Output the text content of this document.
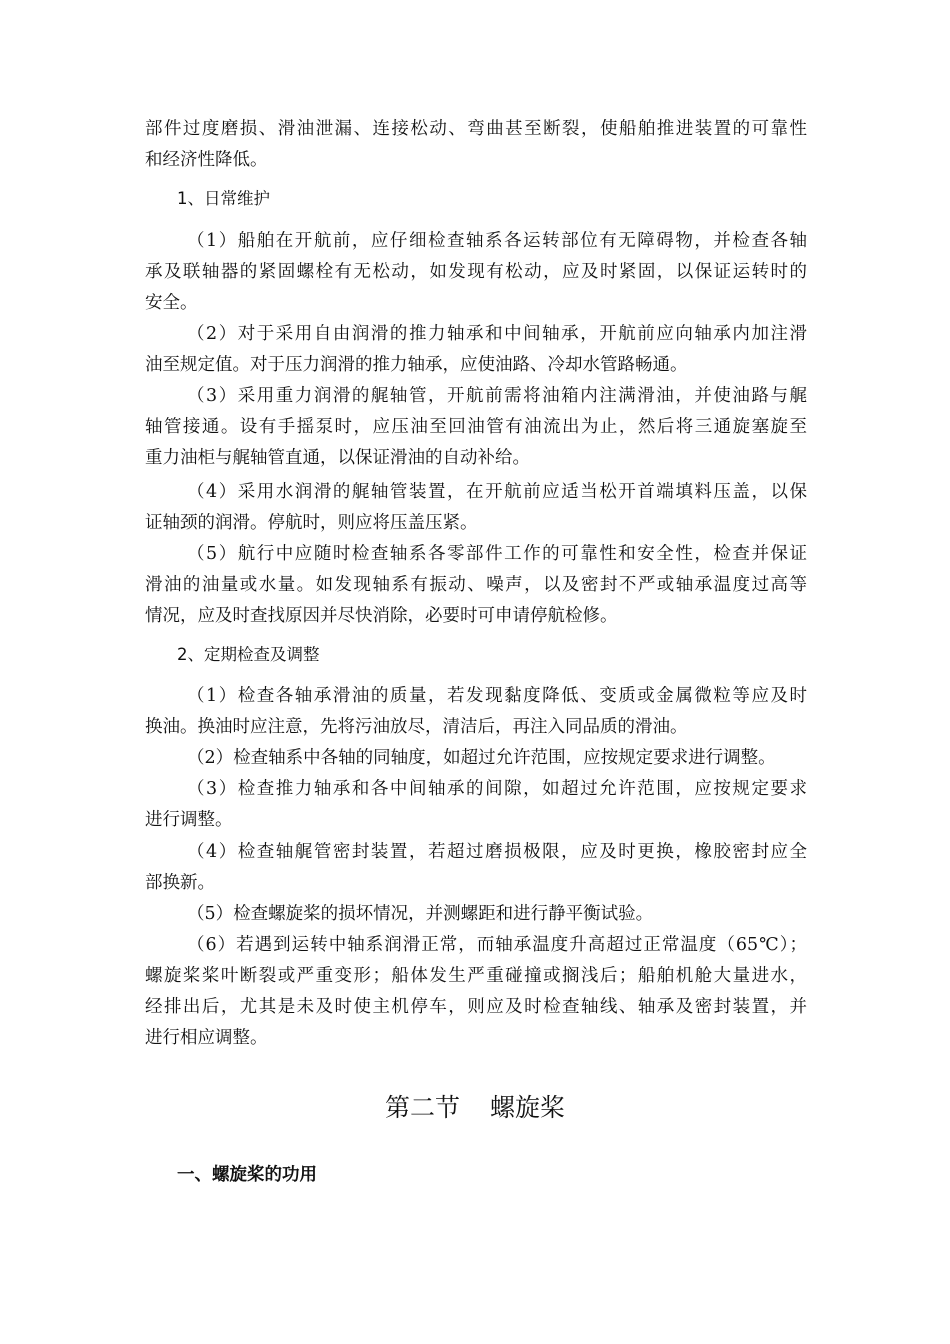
部件过度磨损、滑油泄漏、连接松动、弯曲甚至断裂，使船舶推进装置的可靠性
和经济性降低。
1、日常维护
（1）船舶在开航前，应仔细检查轴系各运转部位有无障碍物，并检查各轴
承及联轴器的紧固螺栓有无松动，如发现有松动，应及时紧固，以保证运转时的
安全。
（2）对于采用自由润滑的推力轴承和中间轴承，开航前应向轴承内加注滑
油至规定值。对于压力润滑的推力轴承，应使油路、冷却水管路畅通。
（3）采用重力润滑的艉轴管，开航前需将油箱内注满滑油，并使油路与艉
轴管接通。设有手摇泵时，应压油至回油管有油流出为止，然后将三通旋塞旋至
重力油柜与艉轴管直通，以保证滑油的自动补给。
（4）采用水润滑的艉轴管装置，在开航前应适当松开首端填料压盖，以保
证轴颈的润滑。停航时，则应将压盖压紧。
（5）航行中应随时检查轴系各零部件工作的可靠性和安全性，检查并保证
滑油的油量或水量。如发现轴系有振动、噪声，以及密封不严或轴承温度过高等
情况，应及时查找原因并尽快消除，必要时可申请停航检修。
2、定期检查及调整
（1）检查各轴承滑油的质量，若发现黏度降低、变质或金属微粒等应及时
换油。换油时应注意，先将污油放尽，清洁后，再注入同品质的滑油。
（2）检查轴系中各轴的同轴度，如超过允许范围，应按规定要求进行调整。
（3）检查推力轴承和各中间轴承的间隙，如超过允许范围，应按规定要求
进行调整。
（4）检查轴艉管密封装置，若超过磨损极限，应及时更换，橡胶密封应全
部换新。
（5）检查螺旋桨的损坏情况，并测螺距和进行静平衡试验。
（6）若遇到运转中轴系润滑正常，而轴承温度升高超过正常温度（65℃）；
螺旋桨桨叶断裂或严重变形；船体发生严重碰撞或搁浅后；船舶机舱大量进水，
经排出后，尤其是未及时使主机停车，则应及时检查轴线、轴承及密封装置，并
进行相应调整。
第二节 螺旋桨
一、螺旋桨的功用
